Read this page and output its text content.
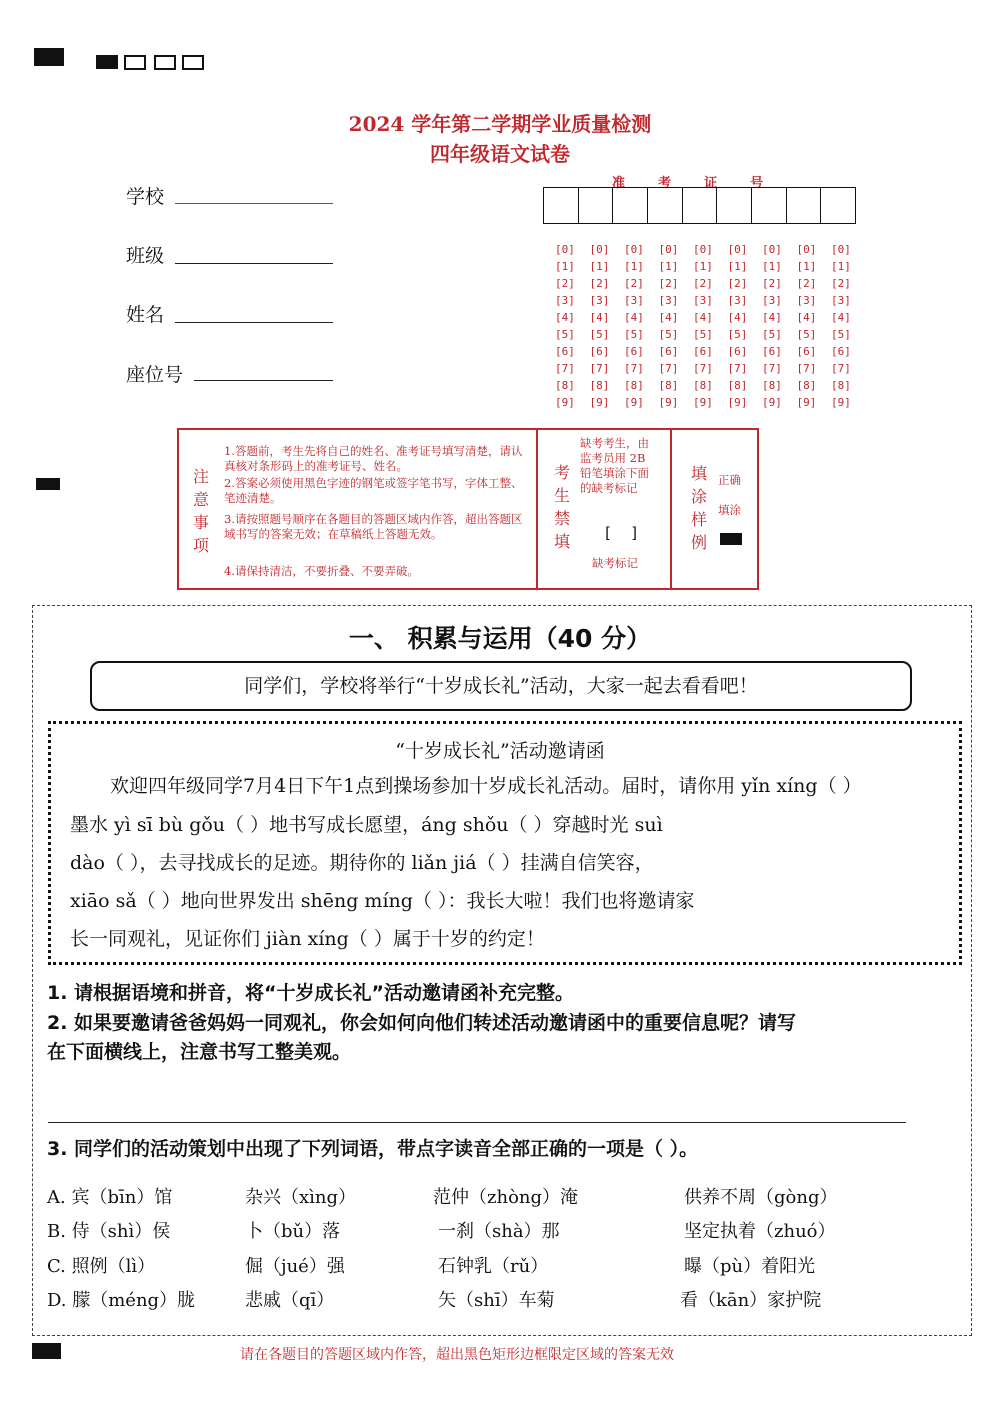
2024 学年第二学期学业质量检测
四年级语文试卷
学校
班级
姓名
座位号
准  考  证  号
[0] [0] [0] [0] [0] [0] [0] [0] [0]
[1] [1] [1] [1] [1] [1] [1] [1] [1]
[2] [2] [2] [2] [2] [2] [2] [2] [2]
[3] [3] [3] [3] [3] [3] [3] [3] [3]
[4] [4] [4] [4] [4] [4] [4] [4] [4]
[5] [5] [5] [5] [5] [5] [5] [5] [5]
[6] [6] [6] [6] [6] [6] [6] [6] [6]
[7] [7] [7] [7] [7] [7] [7] [7] [7]
[8] [8] [8] [8] [8] [8] [8] [8] [8]
[9] [9] [9] [9] [9] [9] [9] [9] [9]
注意事项
1.答题前，考生先将自己的姓名、准考证号填写清楚，请认真核对条形码上的准考证号、姓名。
2.答案必须使用黑色字迹的钢笔或签字笔书写，字体工整、笔迹清楚。
3.请按照题号顺序在各题目的答题区域内作答，超出答题区域书写的答案无效；在草稿纸上答题无效。
4.请保持清洁，不要折叠、不要弄破。
考生禁填
缺考考生，由监考员用 2B 铅笔填涂下面的缺考标记
[  ]
缺考标记
填涂样例
正确
填涂
一、 积累与运用（40 分）
同学们，学校将举行“十岁成长礼”活动，大家一起去看看吧！
“十岁成长礼”活动邀请函
欢迎四年级同学7月4日下午1点到操场参加十岁成长礼活动。届时，请你用 yǐn xíng（ ）
墨水 yì sī bù gǒu（ ）地书写成长愿望，áng shǒu（ ）穿越时光 suì
dào（ ），去寻找成长的足迹。期待你的 liǎn jiá（ ）挂满自信笑容，
xiāo sǎ（ ）地向世界发出 shēng míng（ ）：我长大啦！我们也将邀请家
长一同观礼，见证你们 jiàn xíng（ ）属于十岁的约定！
1. 请根据语境和拼音，将“十岁成长礼”活动邀请函补充完整。
2. 如果要邀请爸爸妈妈一同观礼，你会如何向他们转述活动邀请函中的重要信息呢？请写
在下面横线上，注意书写工整美观。
3. 同学们的活动策划中出现了下列词语，带点字读音全部正确的一项是（ ）。
A. 宾（bīn）馆	杂兴（xìng）	范仲（zhòng）淹	供养不周（gòng）
B. 侍（shì）侯	卜（bǔ）落	一刹（shà）那	坚定执着（zhuó）
C. 照例（lì）	倔（jué）强	石钟乳（rǔ）	曝（pù）着阳光
D. 朦（méng）胧	悲戚（qī）	矢（shī）车菊	看（kān）家护院
请在各题目的答题区域内作答，超出黑色矩形边框限定区域的答案无效
